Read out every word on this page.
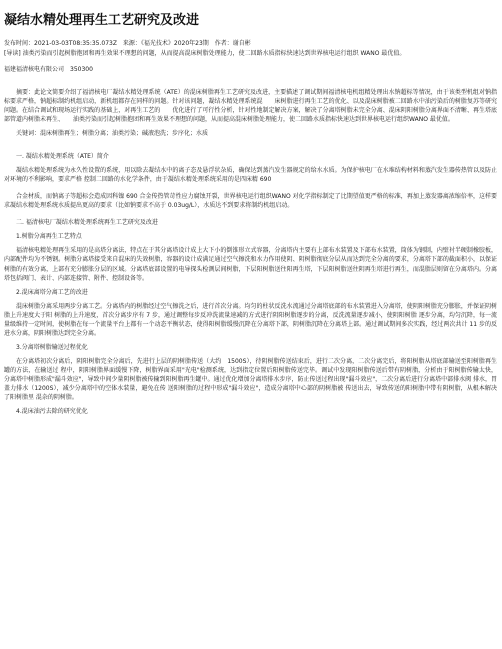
凝结水精处理再生工艺研究及改进
发布时间：2021-03-03T08:35:35.073Z 来源：《福光技术》2020年23期 作者：谢自彬
[导读] 油类污染而引起树脂抱团和再生效果不理想的问题，从而提高混床树脂处理能力，使二回路水质指标快速达到世界核电运行组织 WANO 最优值。
福建福清核电有限公司　350300

摘要：此论文简要介绍了福清核电厂凝结水精处理系统（ATE）的混床树脂再生工艺研究及改进，主要描述了调试期间福清核电机组精处理出水钠超标等情况，由于该类型机组对钠指标要求严格，钠超标制约机组启动，新机组都存在同样的问题。针对该问题，凝结水精处理系统混　　床树脂进行再生工艺的优化、以及混床树脂被二回路水中油污染后的树脂复苏等研究问题。在结合调试和现场运行实践的基础上，对再生工艺的　　优化进行了可行性分析，针对性地制定解决方案，解决了分离塔树脂未完全分离、混床阴阳树脂分离界面不清晰、再生塔底部管道内树脂未再生、　　油类污染而引起树脂抱团和再生效果不理想的问题，从而提高混床树脂处理能力，使二回路水质指标快速达到世界核电运行组织WANO 最优值。

关键词：混床树脂再生；树脂分离；油类污染；碱液泡洗；步序化；水质

一. 凝结水精处理系统（ATE）简介

凝结水精处理系统为永久性设置的系统，用以除去凝结水中的离子态及悬浮状杂质，确保达到蒸汽发生器规定的给水水质。为保护核电厂在水堆结构材料和蒸汽发生器传热管以及防止对环境的不利影响，要求严格 控制二回路的水化学条件，由于凝结水精处理系统采用的是四床精 690

合金材质，而钠离子等超标会造成因科镍 690 合金传热管苛性应力腐蚀开裂，世界核电运行组织WANO 对化学指标制定了比期望值更严格的标准，再加上蒸发器离浓缩倍率，这样要求凝结水精处理系统水质提出更高的要求（比如钠要求不高于 0.03ug/L），水质达不到要求将制约机组启动。

二. 福清核电厂凝结水精处理系统再生工艺研究及改进
1.树脂分离再生工艺特点

福清核电精处理再生采用的是高塔分离法，特点在于其分离塔设计成上大下小的倒锥形立式容器，分离塔内主要有上部布水装置及下部布水装置，筒体为钢制，内壁衬半硬制橡胶板，内部配件均为不锈钢。树脂分离塔接受来自混床的失效树脂，容器的设计成满足通过空气擦洗和水力作用使阴、阴树脂彻底分层从而达到完全分离的要求，分离塔下部的截面积小，以保证树脂的有效分离，上部有充分膨胀分层的区域。分离塔底部设置的电导探头检测层间树脂，下层阳树脂送往阳再生塔，下层阳树脂送往阴再生塔进行再生，而混脂层则留在分离塔内。分离塔包括阀门、表计、内部连接管、附件、控制设备等。

2.混床离塔分离工艺的改进

混床树脂分离采用两步分离工艺。分离塔内的树脂经过空气擦洗之后，进行首次分离。均匀的柱状反洗水流通过分离塔底部的布水装置进入分离塔，使阴阳树脂充分膨胀，并保证阴树脂上升速度大于阳 树脂的上升速度，首次分离步序有 7 步，通过调整每步反冲洗流量速减的方式进行阴阳树脂逐步的分离，反洗流量逐步减小，使阴阳树脂 逐步分离，均匀沉降，每一流量级维持一定时间，使树脂在每一个流量平台上都有一个动态平衡状态，使得阳树脂缓慢沉降在分离塔下部，阴树脂沉降在分离塔上部。通过调试期间多次实践，经过两次共计 11 步的反进水分离，阴阳树脂达到完全分离。

3.分离塔树脂输送过程优化

在分离塔初次分离后，阴阳树脂完全分离后，先进行上层的阴树脂传送（大约　1500S），待阴树脂传送结束后，进行二次分离，二次分离完后，将阳树脂从塔底部输送至阳树脂再生罐的方法，在输送过 程中，阴阳树脂界面缓慢下降，树脂界面采用"光电"检测系统，达到指定位置后阳树脂传送完毕。调试中发现阳树脂传送后带有阴树脂，分析由于阳树脂传输太快，分离塔中树脂形成"漏斗效应"，导致中间少量阴树脂被传输到阳树脂再生罐中。通过优化增加分离塔排水步序，防止传送过程出现"漏斗效应"，二次分离后进行分离塔中部排水阀 排水，胃盖力排水（1200S），减少分离塔中的空体水装量，避免在传 送阳树脂的过程中形成"漏斗效应"，造成分离塔中心部的阴树脂被 传送出去，导致传送的阳树脂中带有阴树脂，从根本解决了阳树脂里 混杂的阴树脂。

4.混床油污去除的研究优化
